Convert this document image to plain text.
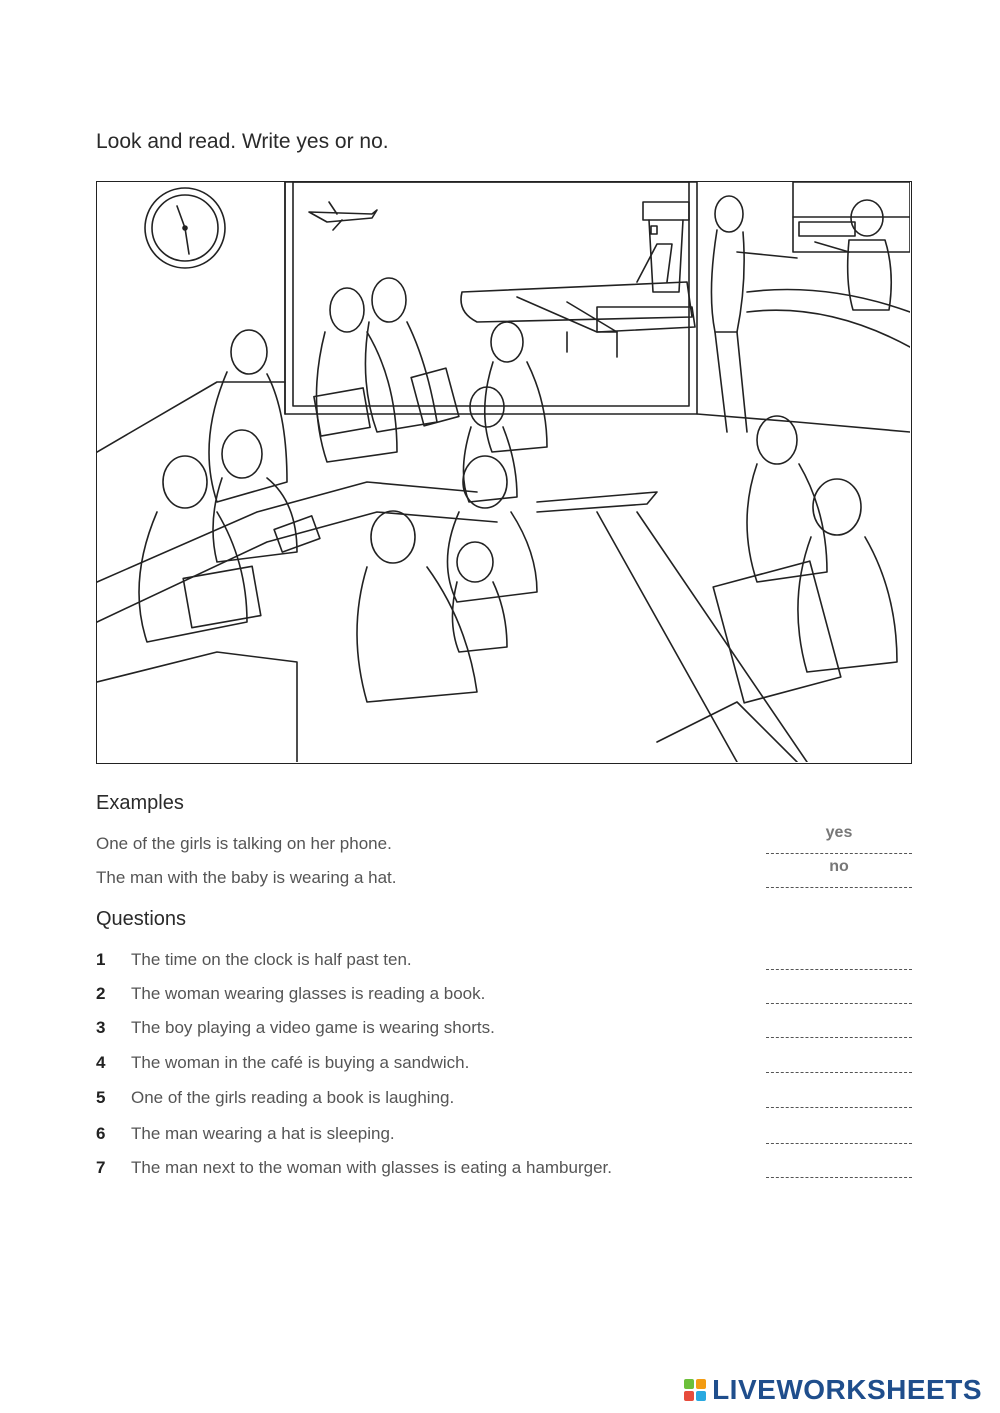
Look and read. Write yes or no.
Examples
One of the girls is talking on her phone.
yes
The man with the baby is wearing a hat.
no
Questions
1 The time on the clock is half past ten.
2 The woman wearing glasses is reading a book.
3 The boy playing a video game is wearing shorts.
4 The woman in the café is buying a sandwich.
5 One of the girls reading a book is laughing.
6 The man wearing a hat is sleeping.
7 The man next to the woman with glasses is eating a hamburger.
LIVEWORKSHEETS
